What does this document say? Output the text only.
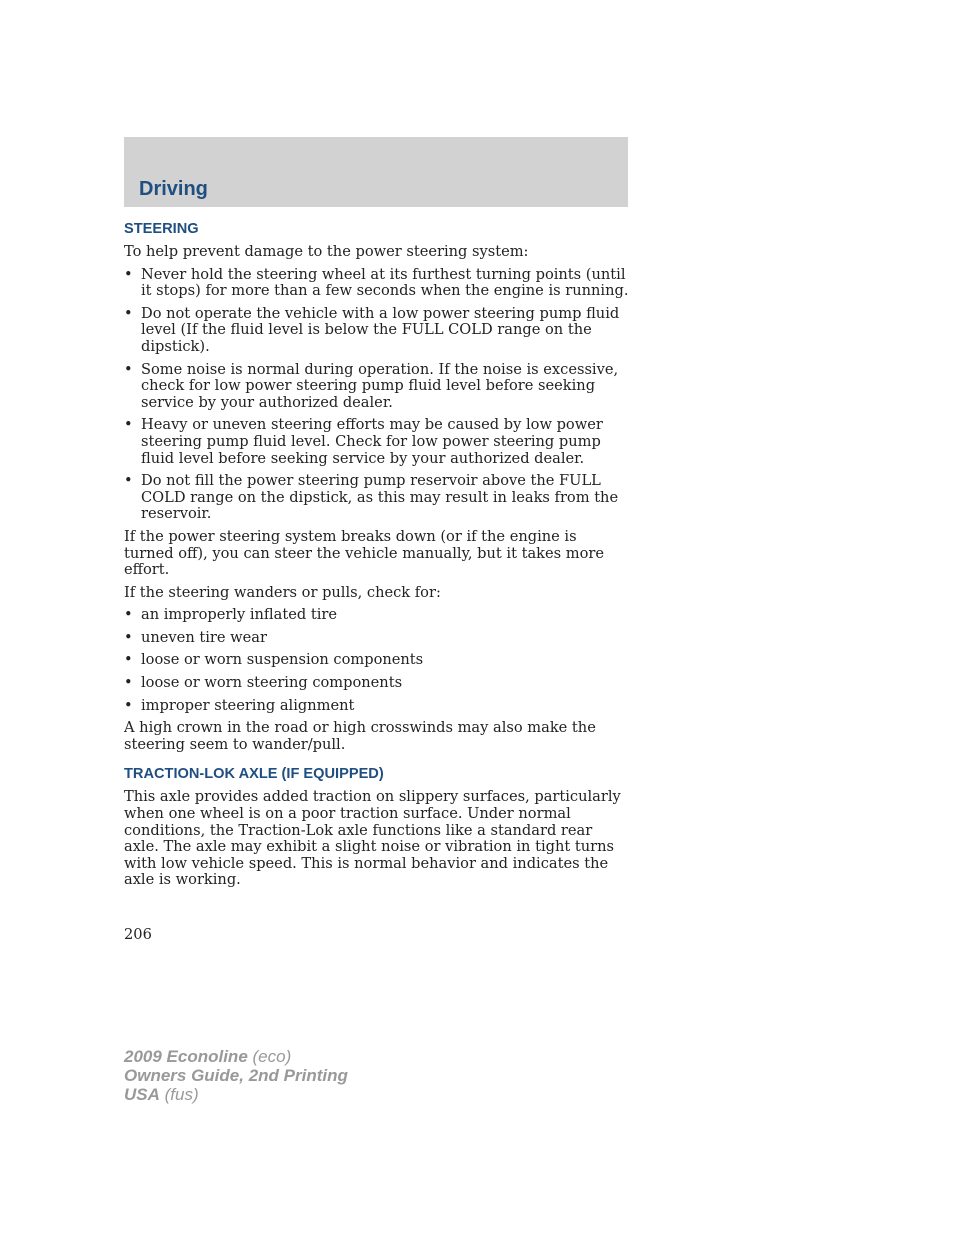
Driving
STEERING

To help prevent damage to the power steering system:

• Never hold the steering wheel at its furthest turning points (until it stops) for more than a few seconds when the engine is running.
• Do not operate the vehicle with a low power steering pump fluid level (If the fluid level is below the FULL COLD range on the dipstick).
• Some noise is normal during operation. If the noise is excessive, check for low power steering pump fluid level before seeking service by your authorized dealer.
• Heavy or uneven steering efforts may be caused by low power steering pump fluid level. Check for low power steering pump fluid level before seeking service by your authorized dealer.
• Do not fill the power steering pump reservoir above the FULL COLD range on the dipstick, as this may result in leaks from the reservoir.

If the power steering system breaks down (or if the engine is turned off), you can steer the vehicle manually, but it takes more effort.

If the steering wanders or pulls, check for:

• an improperly inflated tire
• uneven tire wear
• loose or worn suspension components
• loose or worn steering components
• improper steering alignment

A high crown in the road or high crosswinds may also make the steering seem to wander/pull.

TRACTION-LOK AXLE (IF EQUIPPED)

This axle provides added traction on slippery surfaces, particularly when one wheel is on a poor traction surface. Under normal conditions, the Traction-Lok axle functions like a standard rear axle. The axle may exhibit a slight noise or vibration in tight turns with low vehicle speed. This is normal behavior and indicates the axle is working.

206
2009 Econoline (eco)
Owners Guide, 2nd Printing
USA (fus)
